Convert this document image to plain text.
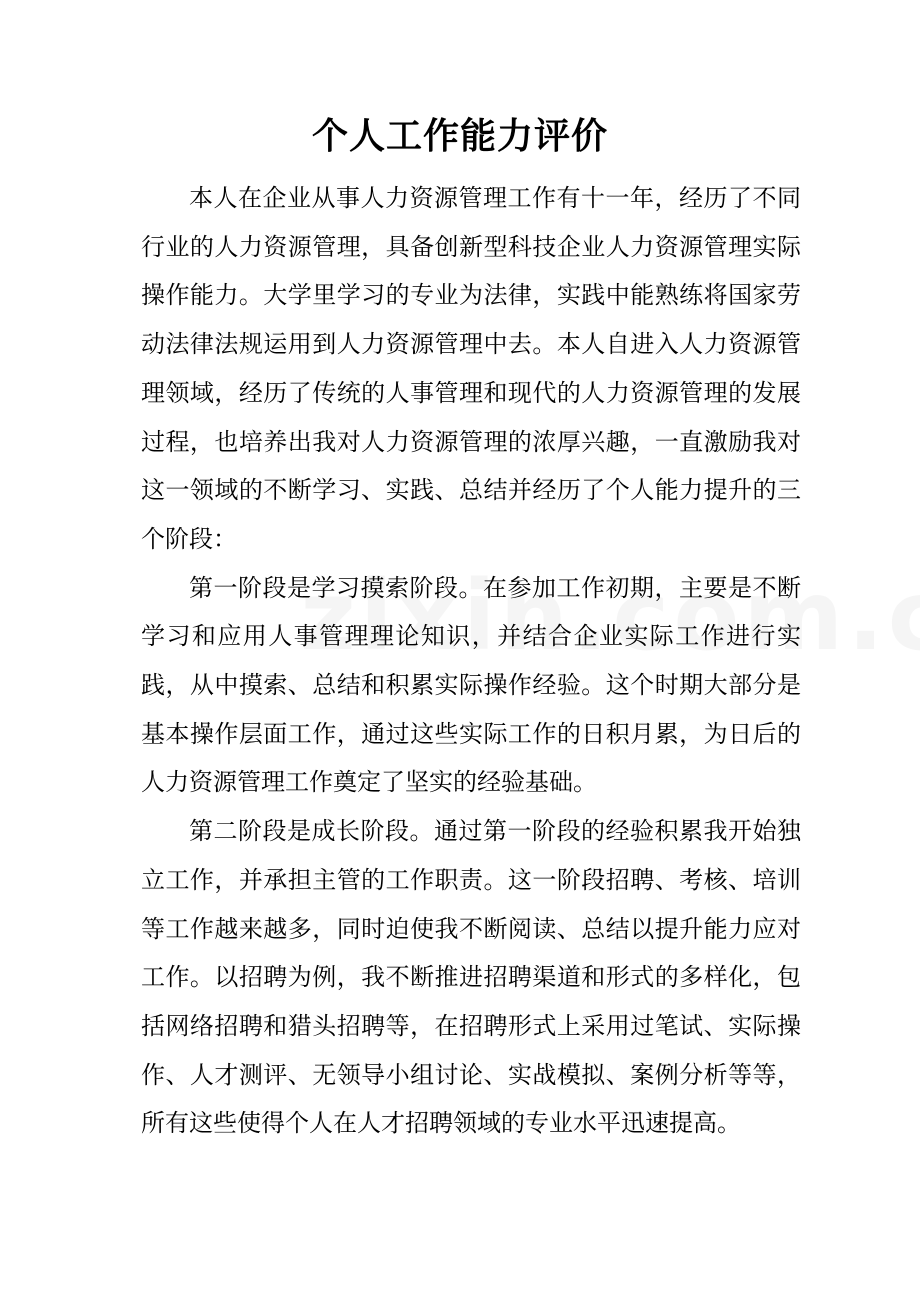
个人工作能力评价

本人在企业从事人力资源管理工作有十一年，经历了不同行业的人力资源管理，具备创新型科技企业人力资源管理实际操作能力。大学里学习的专业为法律，实践中能熟练将国家劳动法律法规运用到人力资源管理中去。本人自进入人力资源管理领域，经历了传统的人事管理和现代的人力资源管理的发展过程，也培养出我对人力资源管理的浓厚兴趣，一直激励我对这一领域的不断学习、实践、总结并经历了个人能力提升的三个阶段：

第一阶段是学习摸索阶段。在参加工作初期，主要是不断学习和应用人事管理理论知识，并结合企业实际工作进行实践，从中摸索、总结和积累实际操作经验。这个时期大部分是基本操作层面工作，通过这些实际工作的日积月累，为日后的人力资源管理工作奠定了坚实的经验基础。

第二阶段是成长阶段。通过第一阶段的经验积累我开始独立工作，并承担主管的工作职责。这一阶段招聘、考核、培训等工作越来越多，同时迫使我不断阅读、总结以提升能力应对工作。以招聘为例，我不断推进招聘渠道和形式的多样化，包括网络招聘和猎头招聘等，在招聘形式上采用过笔试、实际操作、人才测评、无领导小组讨论、实战模拟、案例分析等等，所有这些使得个人在人才招聘领域的专业水平迅速提高。
